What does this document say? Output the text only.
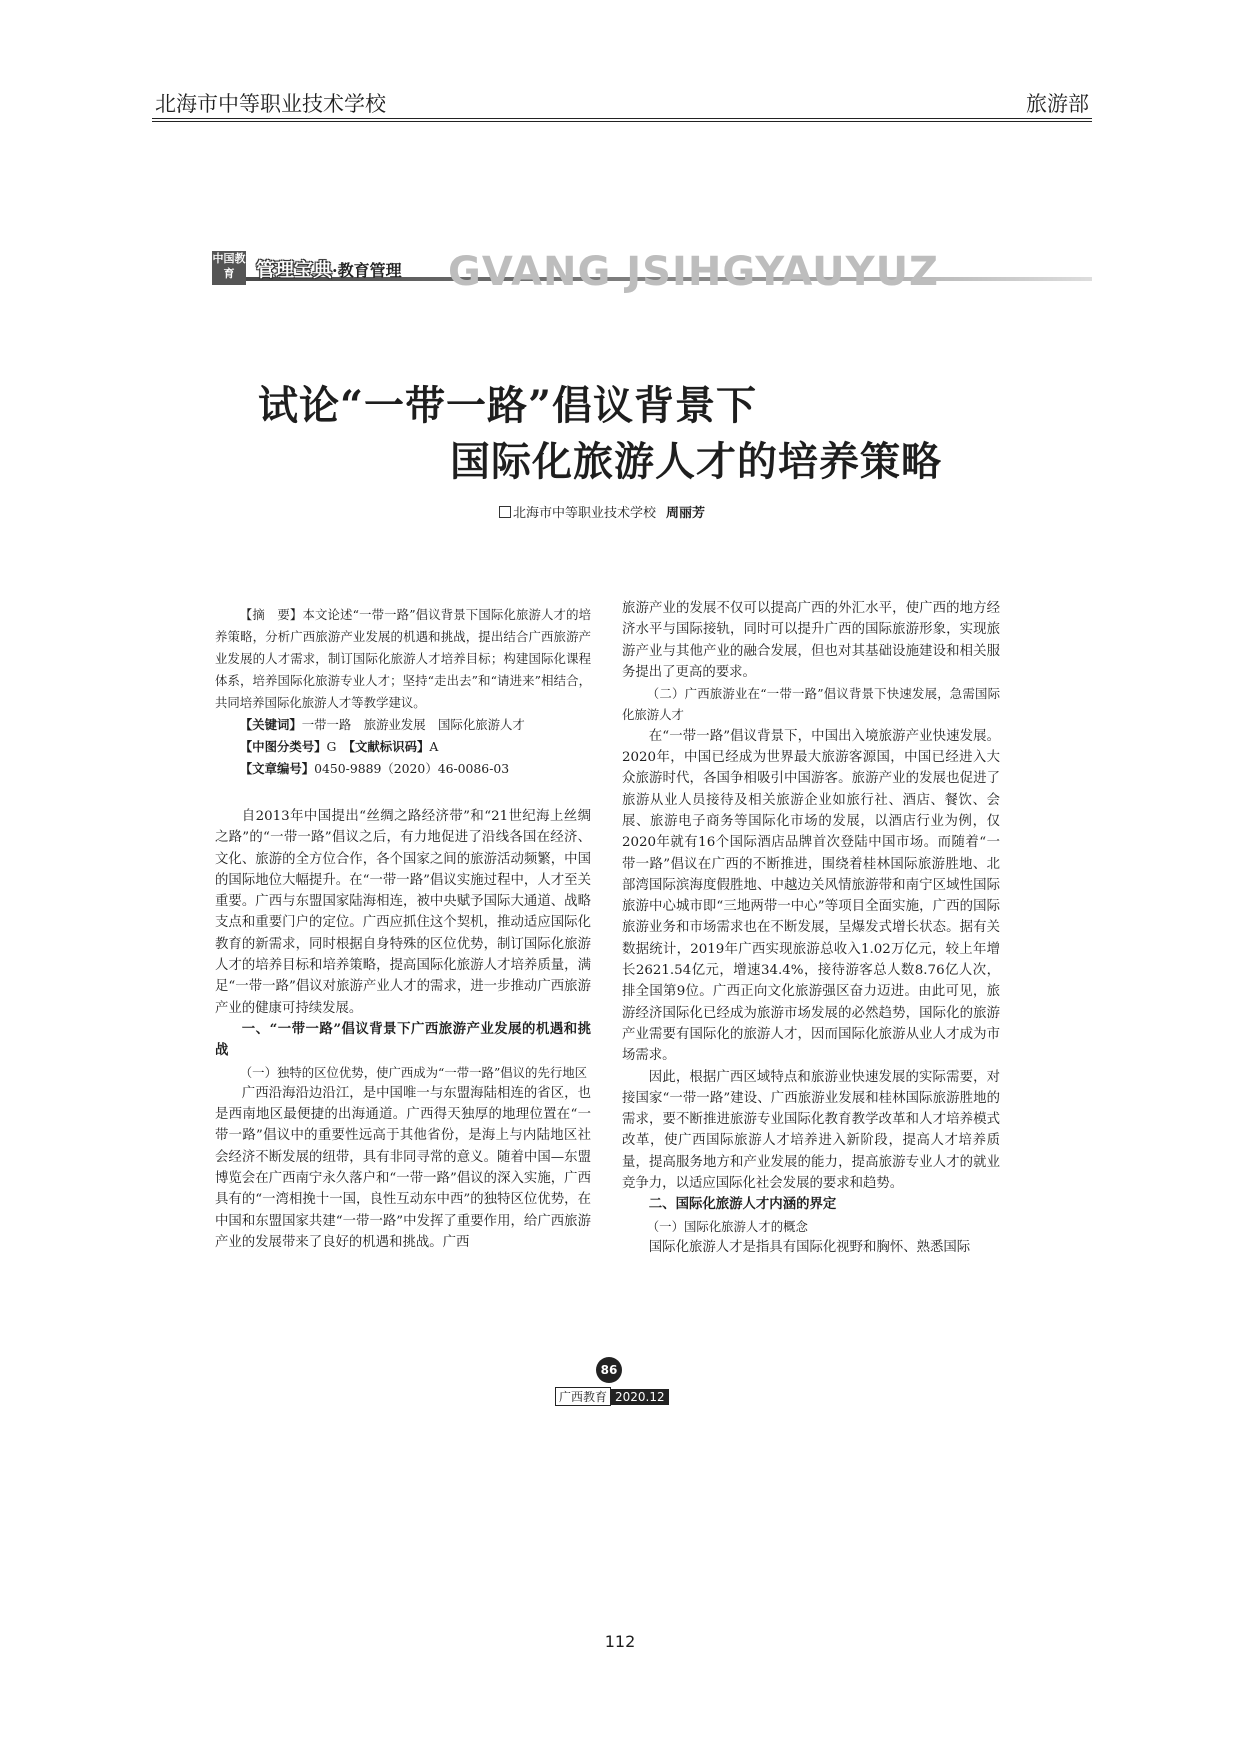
北海市中等职业技术学校	旅游部
中国教育	管理宝典·教育管理 GVANG JSIHGYAUYUZ
试论“一带一路”倡议背景下
国际化旅游人才的培养策略
北海市中等职业技术学校 周丽芳

【摘　要】本文论述“一带一路”倡议背景下国际化旅游人才的培养策略，分析广西旅游产业发展的机遇和挑战，提出结合广西旅游产业发展的人才需求，制订国际化旅游人才培养目标；构建国际化课程体系，培养国际化旅游专业人才；坚持“走出去”和“请进来”相结合，共同培养国际化旅游人才等教学建议。

【关键词】一带一路　旅游业发展　国际化旅游人才

【中图分类号】G　 【文献标识码】A

【文章编号】0450-9889（2020）46-0086-03

自2013年中国提出“丝绸之路经济带”和“21世纪海上丝绸之路”的“一带一路”倡议之后，有力地促进了沿线各国在经济、文化、旅游的全方位合作，各个国家之间的旅游活动频繁，中国的国际地位大幅提升。在“一带一路”倡议实施过程中，人才至关重要。广西与东盟国家陆海相连，被中央赋予国际大通道、战略支点和重要门户的定位。广西应抓住这个契机，推动适应国际化教育的新需求，同时根据自身特殊的区位优势，制订国际化旅游人才的培养目标和培养策略，提高国际化旅游人才培养质量，满足“一带一路”倡议对旅游产业人才的需求，进一步推动广西旅游产业的健康可持续发展。

一、“一带一路”倡议背景下广西旅游产业发展的机遇和挑战

（一）独特的区位优势，使广西成为“一带一路”倡议的先行地区

广西沿海沿边沿江，是中国唯一与东盟海陆相连的省区，也是西南地区最便捷的出海通道。广西得天独厚的地理位置在“一带一路”倡议中的重要性远高于其他省份，是海上与内陆地区社会经济不断发展的纽带，具有非同寻常的意义。随着中国—东盟博览会在广西南宁永久落户和“一带一路”倡议的深入实施，广西具有的“一湾相挽十一国，良性互动东中西”的独特区位优势，在中国和东盟国家共建“一带一路”中发挥了重要作用，给广西旅游产业的发展带来了良好的机遇和挑战。广西

旅游产业的发展不仅可以提高广西的外汇水平，使广西的地方经济水平与国际接轨，同时可以提升广西的国际旅游形象，实现旅游产业与其他产业的融合发展，但也对其基础设施建设和相关服务提出了更高的要求。

（二）广西旅游业在“一带一路”倡议背景下快速发展，急需国际化旅游人才

在“一带一路”倡议背景下，中国出入境旅游产业快速发展。2020年，中国已经成为世界最大旅游客源国，中国已经进入大众旅游时代，各国争相吸引中国游客。旅游产业的发展也促进了旅游从业人员接待及相关旅游企业如旅行社、酒店、餐饮、会展、旅游电子商务等国际化市场的发展，以酒店行业为例，仅2020年就有16个国际酒店品牌首次登陆中国市场。而随着“一带一路”倡议在广西的不断推进，围绕着桂林国际旅游胜地、北部湾国际滨海度假胜地、中越边关风情旅游带和南宁区域性国际旅游中心城市即“三地两带一中心”等项目全面实施，广西的国际旅游业务和市场需求也在不断发展，呈爆发式增长状态。据有关数据统计，2019年广西实现旅游总收入1.02万亿元，较上年增长2621.54亿元，增速34.4%，接待游客总人数8.76亿人次，排全国第9位。广西正向文化旅游强区奋力迈进。由此可见，旅游经济国际化已经成为旅游市场发展的必然趋势，国际化的旅游产业需要有国际化的旅游人才，因而国际化旅游从业人才成为市场需求。

因此，根据广西区域特点和旅游业快速发展的实际需要，对接国家“一带一路”建设、广西旅游业发展和桂林国际旅游胜地的需求，要不断推进旅游专业国际化教育教学改革和人才培养模式改革，使广西国际旅游人才培养进入新阶段，提高人才培养质量，提高服务地方和产业发展的能力，提高旅游专业人才的就业竞争力，以适应国际化社会发展的要求和趋势。

二、国际化旅游人才内涵的界定

（一）国际化旅游人才的概念

国际化旅游人才是指具有国际化视野和胸怀、熟悉国际

86
广西教育 2020.12
112
